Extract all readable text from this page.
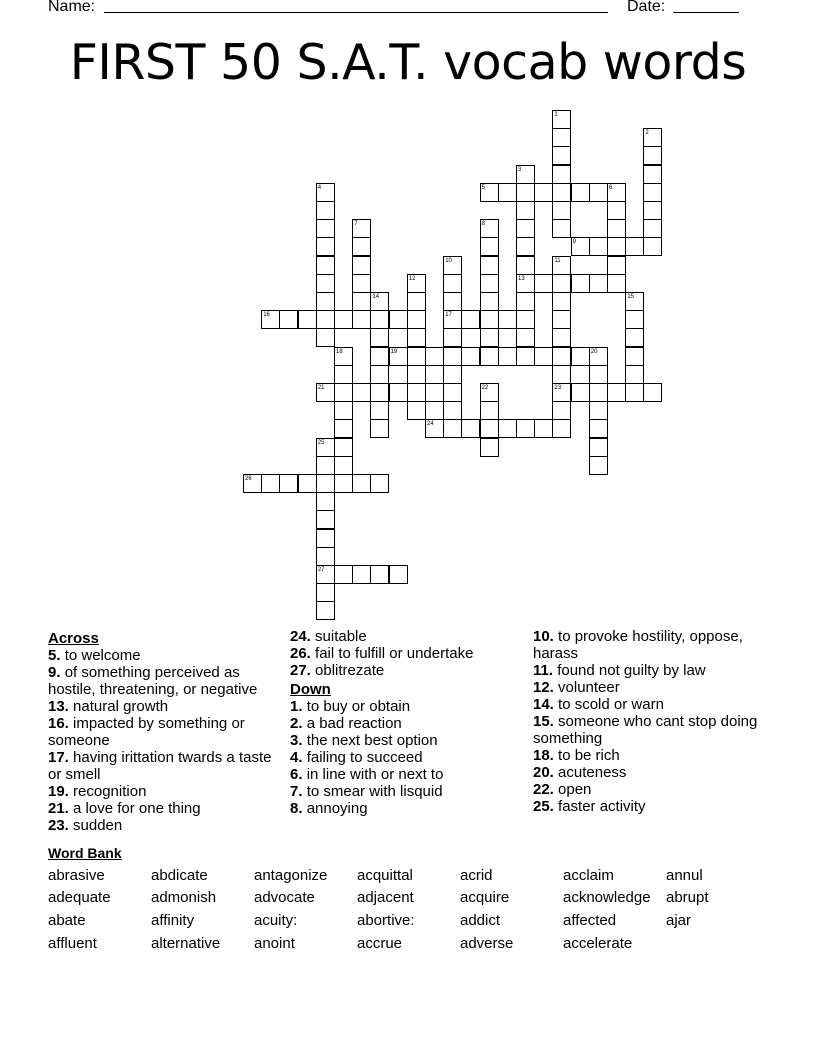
Name:	Date:
FIRST 50 S.A.T. vocab words
1
2
3
13
4	5	6
7	8
9
10
17
11
23
12
14	15
16
18	19	20
21	22
24
25
27
26
Across
5. to welcome
9. of something perceived as hostile, threatening, or negative
13. natural growth
16. impacted by something or someone
17. having irittation twards a taste or smell
19. recognition
21. a love for one thing
23. sudden
24. suitable
26. fail to fulfill or undertake
27. oblitrezate
Down
1. to buy or obtain
2. a bad reaction
3. the next best option
4. failing to succeed
6. in line with or next to
7. to smear with lisquid
8. annoying
10. to provoke hostility, oppose, harass
11. found not guilty by law
12. volunteer
14. to scold or warn
15. someone who cant stop doing something
18. to be rich
20. acuteness
22. open
25. faster activity
Word Bank
abrasive	abdicate	antagonize acquittal	acrid	acclaim	annul
adequate	admonish	advocate	adjacent	acquire	acknowledge abrupt
abate	affinity	acuity:	abortive:	addict	affected	ajar
affluent	alternative anoint	accrue	adverse	accelerate
